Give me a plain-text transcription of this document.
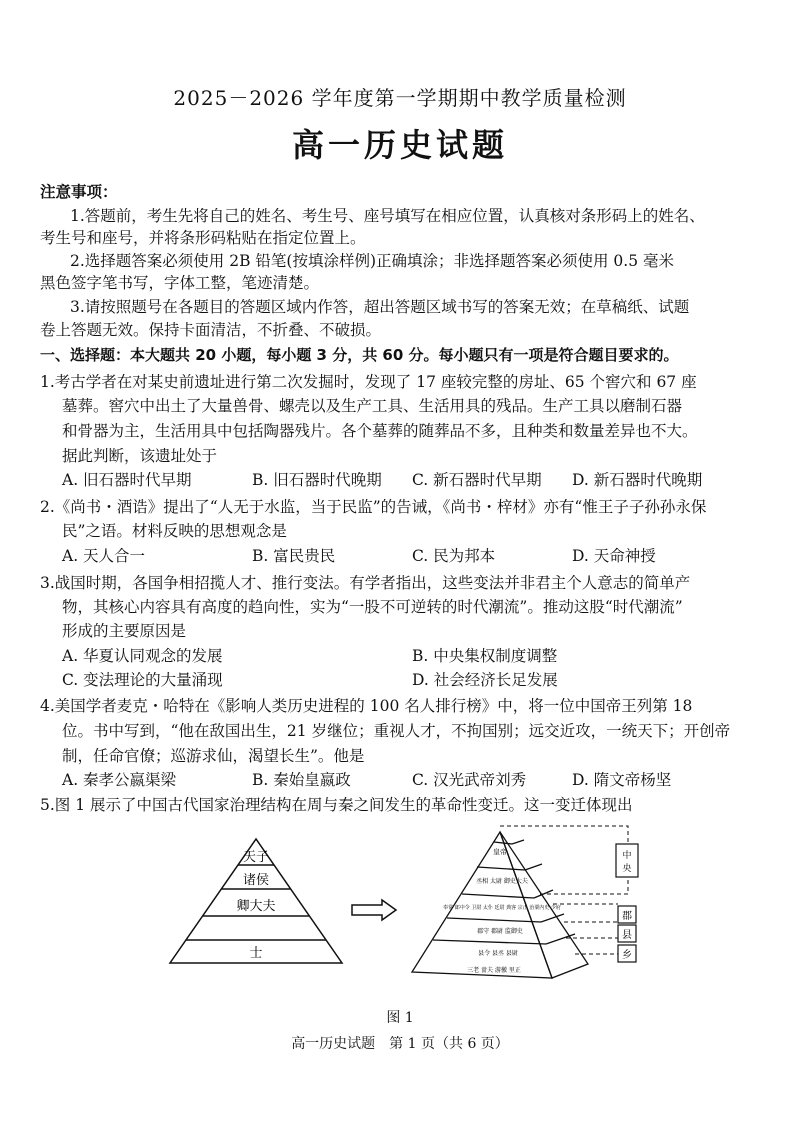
2025－2026 学年度第一学期期中教学质量检测
高一历史试题
注意事项：
1.答题前，考生先将自己的姓名、考生号、座号填写在相应位置，认真核对条形码上的姓名、
考生号和座号，并将条形码粘贴在指定位置上。
2.选择题答案必须使用 2B 铅笔(按填涂样例)正确填涂；非选择题答案必须使用 0.5 毫米
黑色签字笔书写，字体工整，笔迹清楚。
3.请按照题号在各题目的答题区域内作答，超出答题区域书写的答案无效；在草稿纸、试题
卷上答题无效。保持卡面清洁，不折叠、不破损。
一、选择题：本大题共 20 小题，每小题 3 分，共 60 分。每小题只有一项是符合题目要求的。
1.考古学者在对某史前遗址进行第二次发掘时，发现了 17 座较完整的房址、65 个窖穴和 67 座
墓葬。窖穴中出土了大量兽骨、螺壳以及生产工具、生活用具的残品。生产工具以磨制石器
和骨器为主，生活用具中包括陶器残片。各个墓葬的随葬品不多，且种类和数量差异也不大。
据此判断，该遗址处于
A. 旧石器时代早期	B. 旧石器时代晚期 C. 新石器时代早期 D. 新石器时代晚期
2.《尚书・酒诰》提出了“人无于水监，当于民监”的告诫，《尚书・梓材》亦有“惟王子子孙孙永保
民”之语。材料反映的思想观念是
A. 天人合一	B. 富民贵民	C. 民为邦本	D. 天命神授
3.战国时期，各国争相招揽人才、推行变法。有学者指出，这些变法并非君主个人意志的简单产
物，其核心内容具有高度的趋向性，实为“一股不可逆转的时代潮流”。推动这股“时代潮流”
形成的主要原因是
A. 华夏认同观念的发展	B. 中央集权制度调整
C. 变法理论的大量涌现	D. 社会经济长足发展
4.美国学者麦克・哈特在《影响人类历史进程的 100 名人排行榜》中，将一位中国帝王列第 18
位。书中写到，“他在敌国出生，21 岁继位；重视人才，不拘国别；远交近攻，一统天下；开创帝
制，任命官僚；巡游求仙，渴望长生”。他是
A. 秦孝公嬴渠梁	B. 秦始皇嬴政	C. 汉光武帝刘秀	D. 隋文帝杨坚
5.图 1 展示了中国古代国家治理结构在周与秦之间发生的革命性变迁。这一变迁体现出
天子
诸侯
卿大夫
士
皇帝
丞相 太尉 御史大夫
奉常 郎中令 卫尉 太仆 廷尉 典客 宗正 治粟内史 少府
郡守 郡尉 监御史
县令 县丞 县尉
三老 啬夫 游徼 里正
中
央
郡
县
乡
图 1
高一历史试题　第 1 页（共 6 页）
